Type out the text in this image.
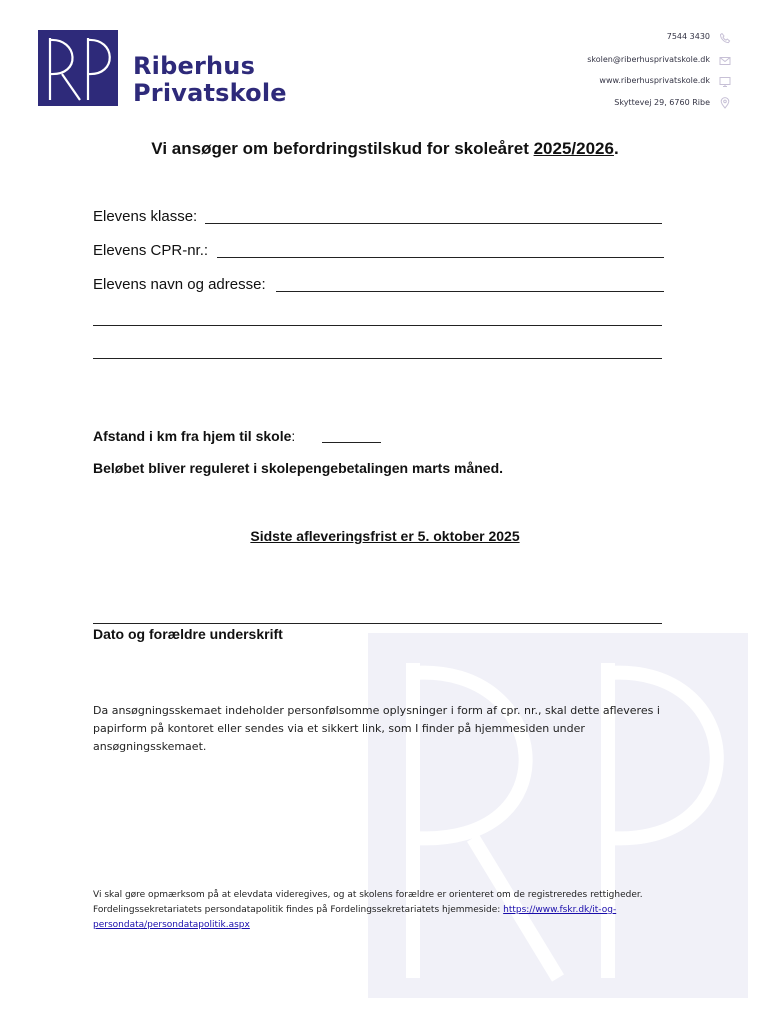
Riberhus
Privatskole
7544 3430
skolen@riberhusprivatskole.dk
www.riberhusprivatskole.dk
Skyttevej 29, 6760 Ribe
Vi ansøger om befordringstilskud for skoleåret 2025/2026.
Elevens klasse:
Elevens CPR-nr.:
Elevens navn og adresse:
Afstand i km fra hjem til skole:
Beløbet bliver reguleret i skolepengebetalingen marts måned.
Sidste afleveringsfrist er 5. oktober 2025
Dato og forældre underskrift
Da ansøgningsskemaet indeholder personfølsomme oplysninger i form af cpr. nr., skal dette afleveres i papirform på kontoret eller sendes via et sikkert link, som I finder på hjemmesiden under ansøgningsskemaet.
Vi skal gøre opmærksom på at elevdata videregives, og at skolens forældre er orienteret om de registreredes rettigheder.
Fordelingssekretariatets persondatapolitik findes på Fordelingssekretariatets hjemmeside: https://www.fskr.dk/it-og-
persondata/persondatapolitik.aspx
